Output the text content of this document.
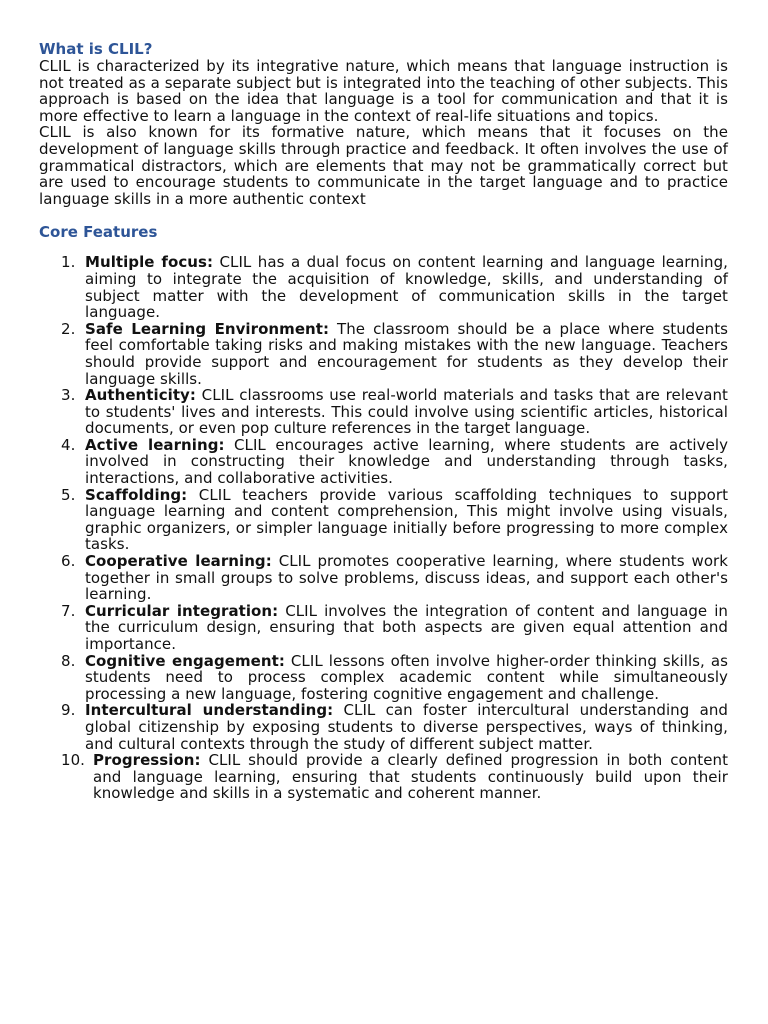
What is CLIL?

CLIL is characterized by its integrative nature, which means that language instruction is not treated as a separate subject but is integrated into the teaching of other subjects. This approach is based on the idea that language is a tool for communication and that it is more effective to learn a language in the context of real-life situations and topics.

CLIL is also known for its formative nature, which means that it focuses on the development of language skills through practice and feedback. It often involves the use of grammatical distractors, which are elements that may not be grammatically correct but are used to encourage students to communicate in the target language and to practice language skills in a more authentic context

Core Features
1. Multiple focus: CLIL has a dual focus on content learning and language learning, aiming to integrate the acquisition of knowledge, skills, and understanding of subject matter with the development of communication skills in the target language.
2. Safe Learning Environment: The classroom should be a place where students feel comfortable taking risks and making mistakes with the new language. Teachers should provide support and encouragement for students as they develop their language skills.
3. Authenticity: CLIL classrooms use real-world materials and tasks that are relevant to students' lives and interests. This could involve using scientific articles, historical documents, or even pop culture references in the target language.
4. Active learning: CLIL encourages active learning, where students are actively involved in constructing their knowledge and understanding through tasks, interactions, and collaborative activities.
5. Scaffolding: CLIL teachers provide various scaffolding techniques to support language learning and content comprehension, This might involve using visuals, graphic organizers, or simpler language initially before progressing to more complex tasks.
6. Cooperative learning: CLIL promotes cooperative learning, where students work together in small groups to solve problems, discuss ideas, and support each other's learning.
7. Curricular integration: CLIL involves the integration of content and language in the curriculum design, ensuring that both aspects are given equal attention and importance.
8. Cognitive engagement: CLIL lessons often involve higher-order thinking skills, as students need to process complex academic content while simultaneously processing a new language, fostering cognitive engagement and challenge.
9. Intercultural understanding: CLIL can foster intercultural understanding and global citizenship by exposing students to diverse perspectives, ways of thinking, and cultural contexts through the study of different subject matter.
10. Progression: CLIL should provide a clearly defined progression in both content and language learning, ensuring that students continuously build upon their knowledge and skills in a systematic and coherent manner.
